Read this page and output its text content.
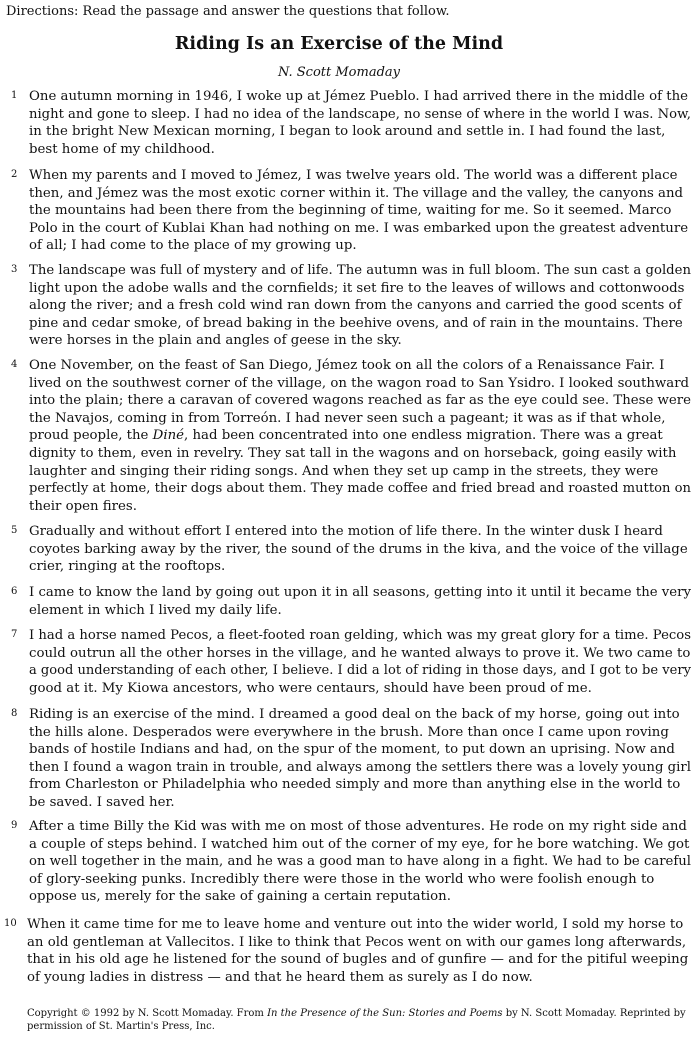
Directions: Read the passage and answer the questions that follow.
Riding Is an Exercise of the Mind
N. Scott Momaday
1 One autumn morning in 1946, I woke up at Jémez Pueblo. I had arrived there in the middle of the
night and gone to sleep. I had no idea of the landscape, no sense of where in the world I was. Now,
in the bright New Mexican morning, I began to look around and settle in. I had found the last,
best home of my childhood.
2 When my parents and I moved to Jémez, I was twelve years old. The world was a different place
then, and Jémez was the most exotic corner within it. The village and the valley, the canyons and
the mountains had been there from the beginning of time, waiting for me. So it seemed. Marco
Polo in the court of Kublai Khan had nothing on me. I was embarked upon the greatest adventure
of all; I had come to the place of my growing up.
3 The landscape was full of mystery and of life. The autumn was in full bloom. The sun cast a golden
light upon the adobe walls and the cornfields; it set fire to the leaves of willows and cottonwoods
along the river; and a fresh cold wind ran down from the canyons and carried the good scents of
pine and cedar smoke, of bread baking in the beehive ovens, and of rain in the mountains. There
were horses in the plain and angles of geese in the sky.
4 One November, on the feast of San Diego, Jémez took on all the colors of a Renaissance Fair. I
lived on the southwest corner of the village, on the wagon road to San Ysidro. I looked southward
into the plain; there a caravan of covered wagons reached as far as the eye could see. These were
the Navajos, coming in from Torreón. I had never seen such a pageant; it was as if that whole,
proud people, the Diné, had been concentrated into one endless migration. There was a great
dignity to them, even in revelry. They sat tall in the wagons and on horseback, going easily with
laughter and singing their riding songs. And when they set up camp in the streets, they were
perfectly at home, their dogs about them. They made coffee and fried bread and roasted mutton on
their open fires.
5 Gradually and without effort I entered into the motion of life there. In the winter dusk I heard
coyotes barking away by the river, the sound of the drums in the kiva, and the voice of the village
crier, ringing at the rooftops.
6 I came to know the land by going out upon it in all seasons, getting into it until it became the very
element in which I lived my daily life.
7 I had a horse named Pecos, a fleet-footed roan gelding, which was my great glory for a time. Pecos
could outrun all the other horses in the village, and he wanted always to prove it. We two came to
a good understanding of each other, I believe. I did a lot of riding in those days, and I got to be very
good at it. My Kiowa ancestors, who were centaurs, should have been proud of me.
8 Riding is an exercise of the mind. I dreamed a good deal on the back of my horse, going out into
the hills alone. Desperados were everywhere in the brush. More than once I came upon roving
bands of hostile Indians and had, on the spur of the moment, to put down an uprising. Now and
then I found a wagon train in trouble, and always among the settlers there was a lovely young girl
from Charleston or Philadelphia who needed simply and more than anything else in the world to
be saved. I saved her.
9 After a time Billy the Kid was with me on most of those adventures. He rode on my right side and
a couple of steps behind. I watched him out of the corner of my eye, for he bore watching. We got
on well together in the main, and he was a good man to have along in a fight. We had to be careful
of glory-seeking punks. Incredibly there were those in the world who were foolish enough to
oppose us, merely for the sake of gaining a certain reputation.
10 When it came time for me to leave home and venture out into the wider world, I sold my horse to
an old gentleman at Vallecitos. I like to think that Pecos went on with our games long afterwards,
that in his old age he listened for the sound of bugles and of gunfire — and for the pitiful weeping
of young ladies in distress — and that he heard them as surely as I do now.
Copyright © 1992 by N. Scott Momaday. From In the Presence of the Sun: Stories and Poems by N. Scott Momaday. Reprinted by
permission of St. Martin's Press, Inc.
